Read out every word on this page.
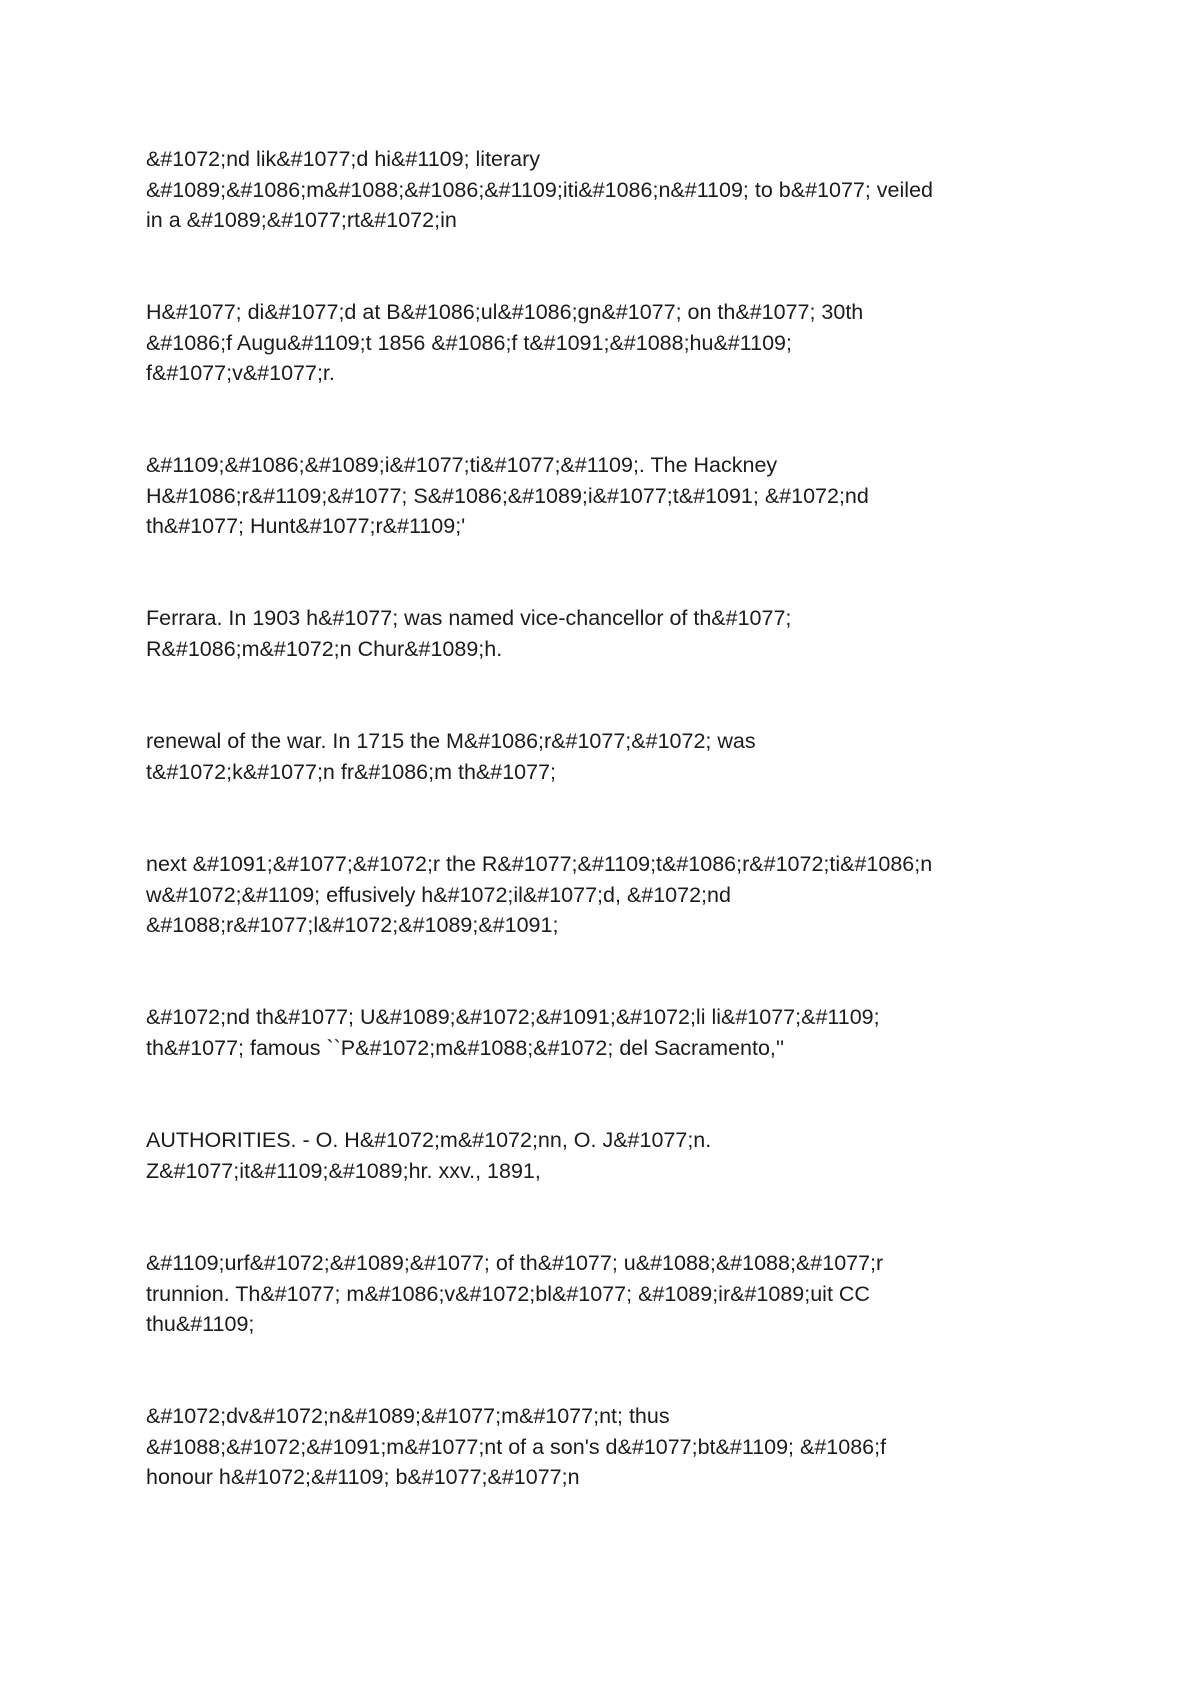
&#1072;nd lik&#1077;d hi&#1109; literary
&#1089;&#1086;m&#1088;&#1086;&#1109;iti&#1086;n&#1109; to b&#1077; veiled
in a &#1089;&#1077;rt&#1072;in
H&#1077; di&#1077;d at B&#1086;ul&#1086;gn&#1077; on th&#1077; 30th
&#1086;f Augu&#1109;t 1856 &#1086;f t&#1091;&#1088;hu&#1109;
f&#1077;v&#1077;r.
&#1109;&#1086;&#1089;i&#1077;ti&#1077;&#1109;. The Hackney
H&#1086;r&#1109;&#1077; S&#1086;&#1089;i&#1077;t&#1091; &#1072;nd
th&#1077; Hunt&#1077;r&#1109;'
Ferrara. In 1903 h&#1077; was named vice-chancellor of th&#1077;
R&#1086;m&#1072;n Chur&#1089;h.
renewal of the war. In 1715 the M&#1086;r&#1077;&#1072; was
t&#1072;k&#1077;n fr&#1086;m th&#1077;
next &#1091;&#1077;&#1072;r the R&#1077;&#1109;t&#1086;r&#1072;ti&#1086;n
w&#1072;&#1109; effusively h&#1072;il&#1077;d, &#1072;nd
&#1088;r&#1077;l&#1072;&#1089;&#1091;
&#1072;nd th&#1077; U&#1089;&#1072;&#1091;&#1072;li li&#1077;&#1109;
th&#1077; famous ``P&#1072;m&#1088;&#1072; del Sacramento,''
AUTHORITIES. - O. H&#1072;m&#1072;nn, O. J&#1077;n.
Z&#1077;it&#1109;&#1089;hr. xxv., 1891,
&#1109;urf&#1072;&#1089;&#1077; of th&#1077; u&#1088;&#1088;&#1077;r
trunnion. Th&#1077; m&#1086;v&#1072;bl&#1077; &#1089;ir&#1089;uit CC
thu&#1109;
&#1072;dv&#1072;n&#1089;&#1077;m&#1077;nt; thus
&#1088;&#1072;&#1091;m&#1077;nt of a son's d&#1077;bt&#1109; &#1086;f
honour h&#1072;&#1109; b&#1077;&#1077;n
